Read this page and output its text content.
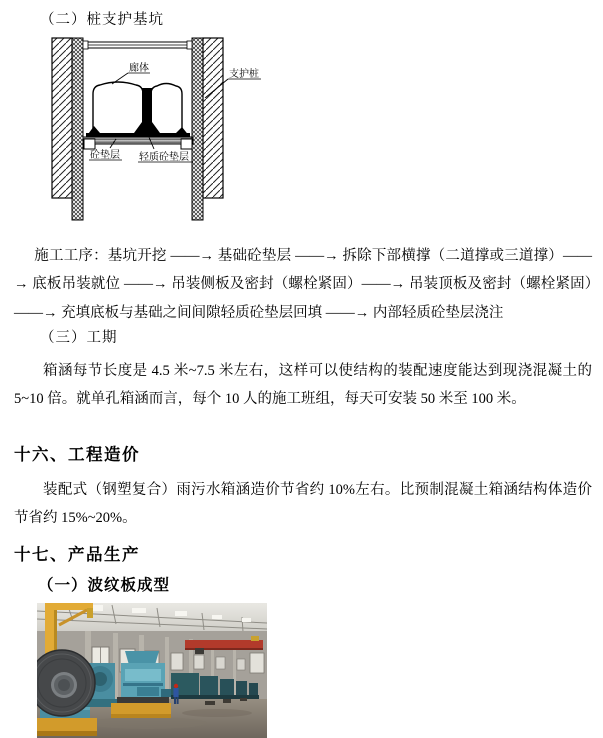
（二）桩支护基坑
廊体
支护桩
砼垫层 轻质砼垫层

施工工序：基坑开挖 ——→ 基础砼垫层 ——→ 拆除下部横撑（二道撑或三道撑）——→ 底板吊装就位 ——→ 吊装侧板及密封（螺栓紧固）——→ 吊装顶板及密封（螺栓紧固）——→ 充填底板与基础之间间隙轻质砼垫层回填 ——→ 内部轻质砼垫层浇注

（三）工期

箱涵每节长度是 4.5 米~7.5 米左右，这样可以使结构的装配速度能达到现浇混凝土的 5~10 倍。就单孔箱涵而言，每个 10 人的施工班组，每天可安装 50 米至 100 米。

十六、工程造价

装配式（钢塑复合）雨污水箱涵造价节省约 10%左右。比预制混凝土箱涵结构体造价节省约 15%~20%。

十七、产品生产
（一）波纹板成型
